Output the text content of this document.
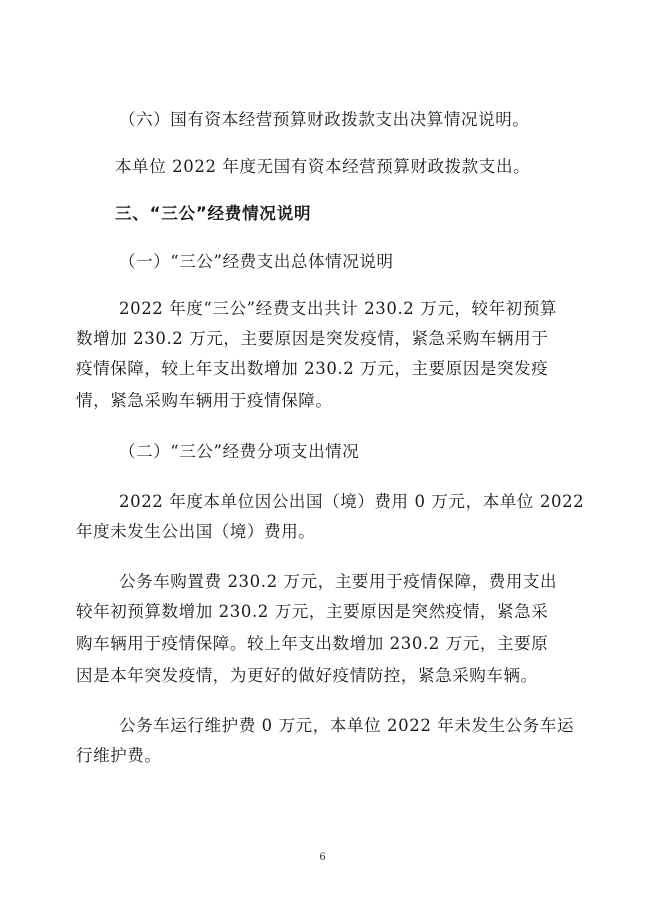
（六）国有资本经营预算财政拨款支出决算情况说明。

本单位 2022 年度无国有资本经营预算财政拨款支出。

三、“三公”经费情况说明

（一）“三公”经费支出总体情况说明

2022 年度“三公”经费支出共计 230.2 万元，较年初预算

数增加 230.2 万元，主要原因是突发疫情，紧急采购车辆用于

疫情保障，较上年支出数增加 230.2 万元，主要原因是突发疫

情，紧急采购车辆用于疫情保障。

（二）“三公”经费分项支出情况

2022 年度本单位因公出国（境）费用 0 万元，本单位 2022

年度未发生公出国（境）费用。

公务车购置费 230.2 万元，主要用于疫情保障，费用支出

较年初预算数增加 230.2 万元，主要原因是突然疫情，紧急采

购车辆用于疫情保障。较上年支出数增加 230.2 万元，主要原

因是本年突发疫情，为更好的做好疫情防控，紧急采购车辆。

公务车运行维护费 0 万元，本单位 2022 年未发生公务车运

行维护费。

6
